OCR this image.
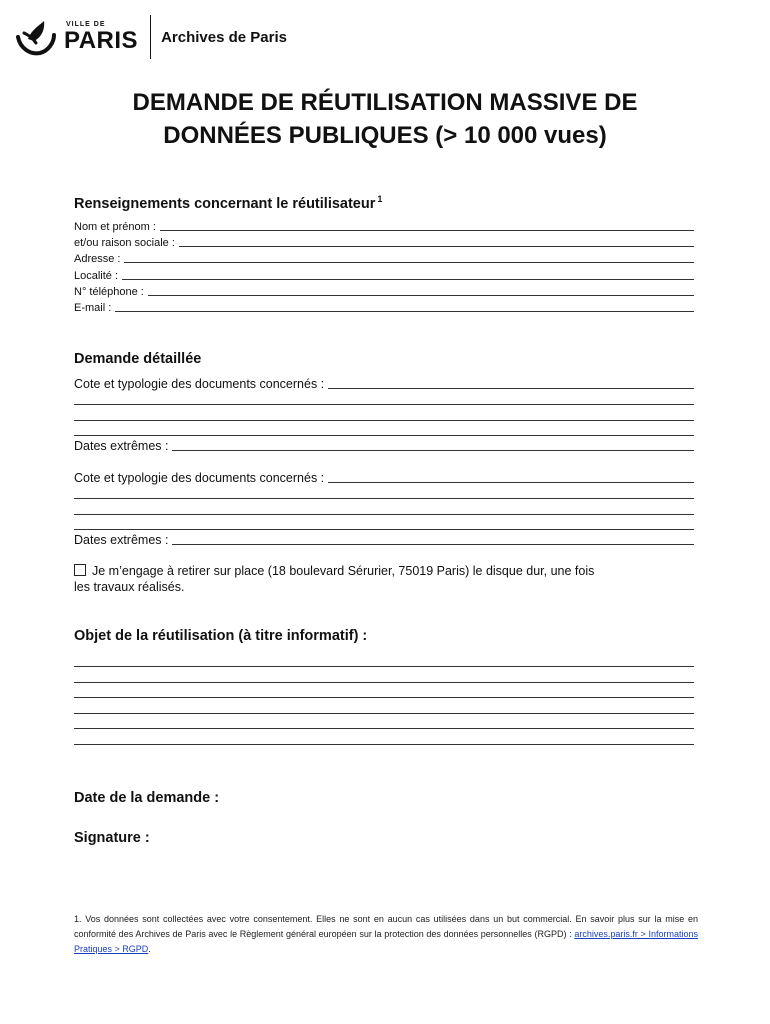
VILLE DE
PARIS Archives de Paris
DEMANDE DE RÉUTILISATION MASSIVE DE
DONNÉES PUBLIQUES (> 10 000 vues)
Renseignements concernant le réutilisateur $^1$
Nom et prénom :
et/ou raison sociale :
Adresse :
Localité :
N° téléphone :
E-mail :
Demande détaillée
Cote et typologie des documents concernés :
Dates extrêmes :
Cote et typologie des documents concernés :
Dates extrêmes :
Je m’engage à retirer sur place (18 boulevard Sérurier, 75019 Paris) le disque dur, une fois
les travaux réalisés.
Objet de la réutilisation (à titre informatif) :
Date de la demande :
Signature :
1. Vos données sont collectées avec votre consentement. Elles ne sont en aucun cas utilisées dans un but commercial. En savoir plus sur la mise en conformité des Archives de Paris avec le Règlement général européen sur la protection des données personnelles (RGPD) : archives.paris.fr > Informations Pratiques > RGPD.
